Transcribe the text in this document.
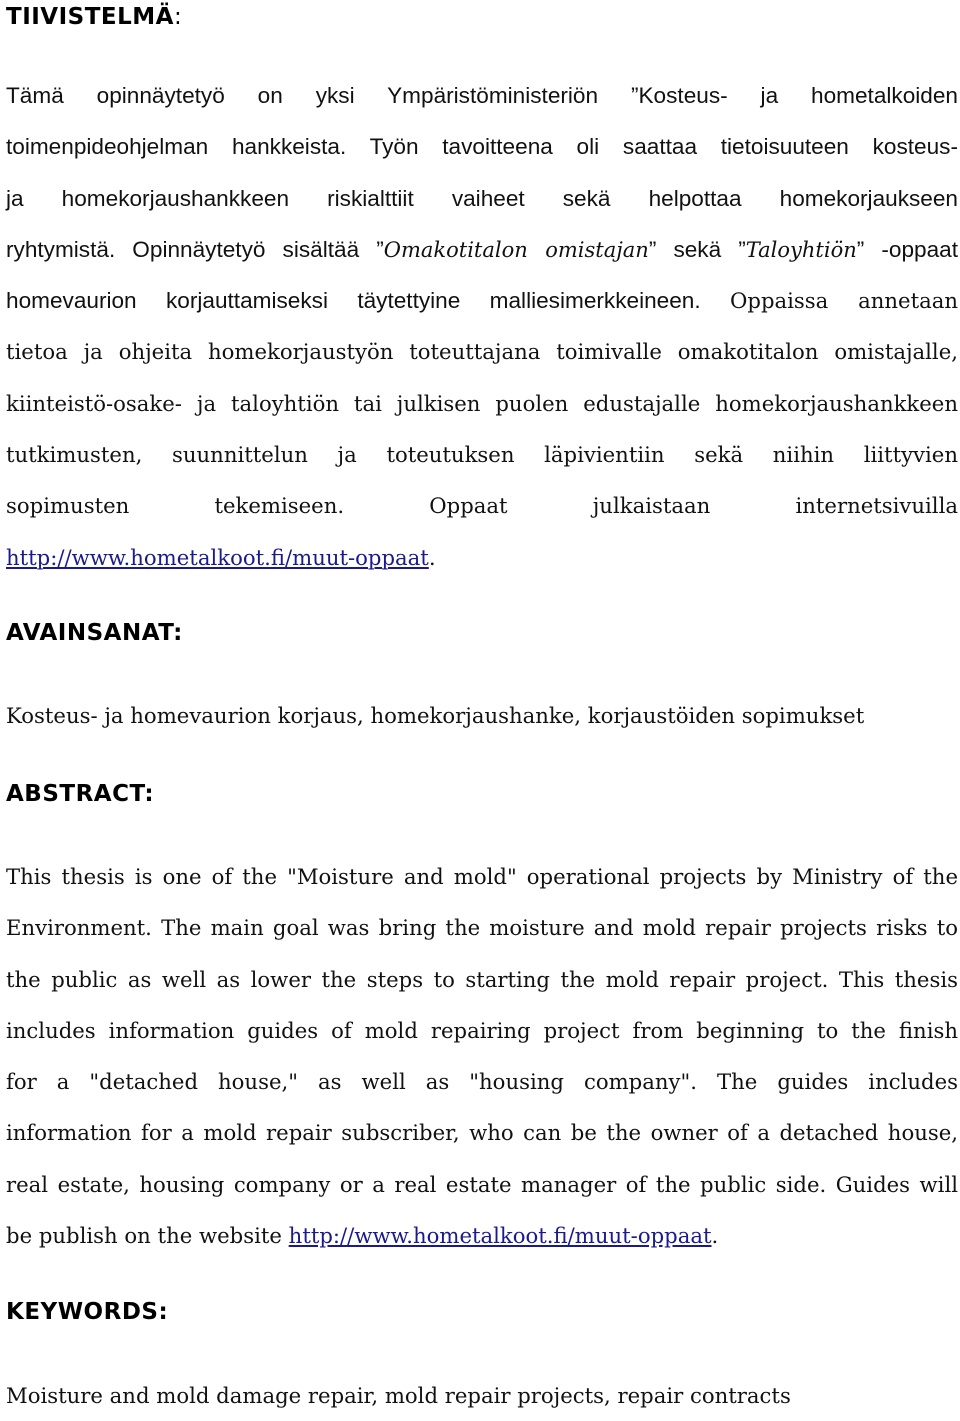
TIIVISTELMÄ:
Tämä opinnäytetyö on yksi Ympäristöministeriön ”Kosteus- ja hometalkoiden
toimenpideohjelman hankkeista. Työn tavoitteena oli saattaa tietoisuuteen kosteus-
ja homekorjaushankkeen riskialttiit vaiheet sekä helpottaa homekorjaukseen
ryhtymistä. Opinnäytetyö sisältää ”Omakotitalon omistajan” sekä ”Taloyhtiön” -oppaat
homevaurion korjauttamiseksi täytettyine malliesimerkkeineen. Oppaissa annetaan
tietoa ja ohjeita homekorjaustyön toteuttajana toimivalle omakotitalon omistajalle,
kiinteistö-osake- ja taloyhtiön tai julkisen puolen edustajalle homekorjaushankkeen
tutkimusten, suunnittelun ja toteutuksen läpivientiin sekä niihin liittyvien
sopimusten tekemiseen. Oppaat julkaistaan internetsivuilla
http://www.hometalkoot.fi/muut-oppaat.
AVAINSANAT:
Kosteus- ja homevaurion korjaus, homekorjaushanke, korjaustöiden sopimukset
ABSTRACT:
This thesis is one of the "Moisture and mold" operational projects by Ministry of the
Environment. The main goal was bring the moisture and mold repair projects risks to
the public as well as lower the steps to starting the mold repair project. This thesis
includes information guides of mold repairing project from beginning to the finish
for a "detached house," as well as "housing company". The guides includes
information for a mold repair subscriber, who can be the owner of a detached house,
real estate, housing company or a real estate manager of the public side. Guides will
be publish on the website http://www.hometalkoot.fi/muut-oppaat.
KEYWORDS:
Moisture and mold damage repair, mold repair projects, repair contracts
